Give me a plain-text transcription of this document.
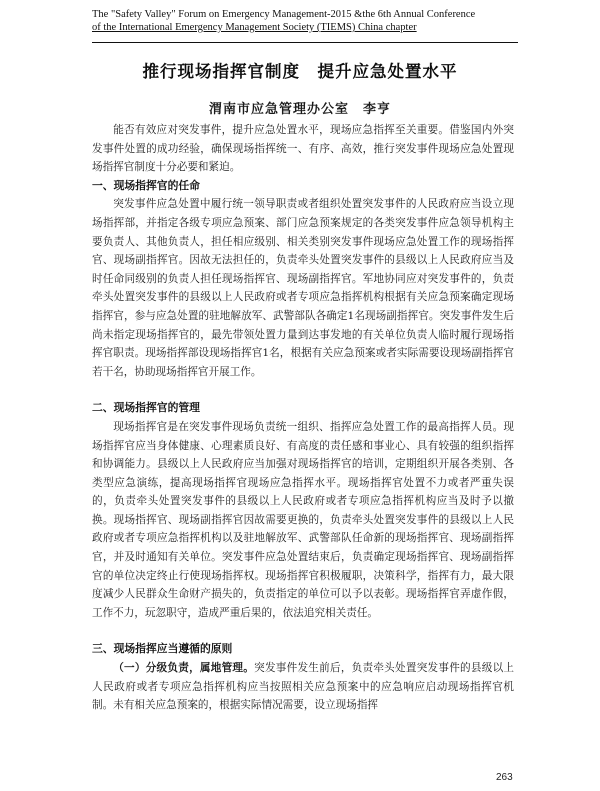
The "Safety Valley" Forum on Emergency Management-2015 &the 6th Annual Conference
of the International Emergency Management Society (TIEMS) China chapter
推行现场指挥官制度　提升应急处置水平
渭南市应急管理办公室　李亨

能否有效应对突发事件，提升应急处置水平，现场应急指挥至关重要。借鉴国内外突发事件处置的成功经验，确保现场指挥统一、有序、高效，推行突发事件现场应急处置现场指挥官制度十分必要和紧迫。

一、现场指挥官的任命

突发事件应急处置中履行统一领导职责或者组织处置突发事件的人民政府应当设立现场指挥部，并指定各级专项应急预案、部门应急预案规定的各类突发事件应急领导机构主要负责人、其他负责人，担任相应级别、相关类别突发事件现场应急处置工作的现场指挥官、现场副指挥官。因故无法担任的，负责牵头处置突发事件的县级以上人民政府应当及时任命同级别的负责人担任现场指挥官、现场副指挥官。军地协同应对突发事件的，负责牵头处置突发事件的县级以上人民政府或者专项应急指挥机构根据有关应急预案确定现场指挥官，参与应急处置的驻地解放军、武警部队各确定1名现场副指挥官。突发事件发生后尚未指定现场指挥官的，最先带领处置力量到达事发地的有关单位负责人临时履行现场指挥官职责。现场指挥部设现场指挥官1名，根据有关应急预案或者实际需要设现场副指挥官若干名，协助现场指挥官开展工作。

二、现场指挥官的管理

现场指挥官是在突发事件现场负责统一组织、指挥应急处置工作的最高指挥人员。现场指挥官应当身体健康、心理素质良好、有高度的责任感和事业心、具有较强的组织指挥和协调能力。县级以上人民政府应当加强对现场指挥官的培训，定期组织开展各类别、各类型应急演练，提高现场指挥官现场应急指挥水平。现场指挥官处置不力或者严重失误的，负责牵头处置突发事件的县级以上人民政府或者专项应急指挥机构应当及时予以撤换。现场指挥官、现场副指挥官因故需要更换的，负责牵头处置突发事件的县级以上人民政府或者专项应急指挥机构以及驻地解放军、武警部队任命新的现场指挥官、现场副指挥官，并及时通知有关单位。突发事件应急处置结束后，负责确定现场指挥官、现场副指挥官的单位决定终止行使现场指挥权。现场指挥官积极履职，决策科学，指挥有力，最大限度减少人民群众生命财产损失的，负责指定的单位可以予以表彰。现场指挥官弄虚作假，工作不力，玩忽职守，造成严重后果的，依法追究相关责任。

三、现场指挥应当遵循的原则

（一）分级负责，属地管理。突发事件发生前后，负责牵头处置突发事件的县级以上人民政府或者专项应急指挥机构应当按照相关应急预案中的应急响应启动现场指挥官机制。未有相关应急预案的，根据实际情况需要，设立现场指挥

263
